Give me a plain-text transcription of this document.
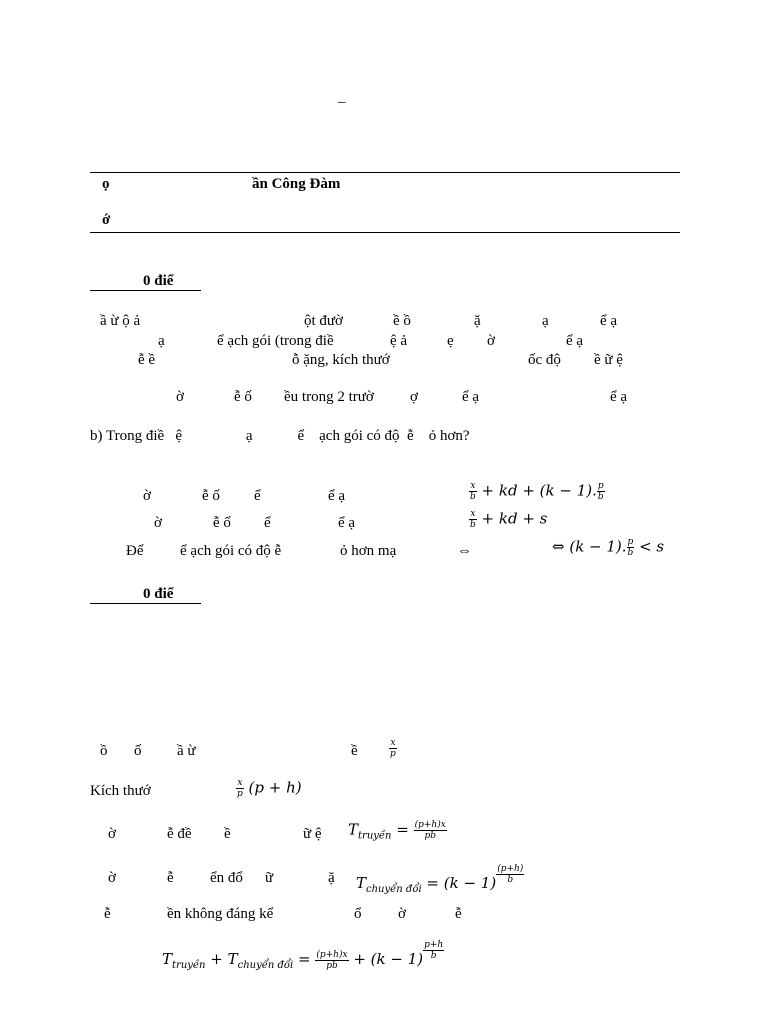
–
ọ	ần Công Đàm
ớ
0 điể
ầ ừ ộ ả	ột đườ	ề ồ	ặ	ạ	ể ạ
ạ	ể ạch gói (trong điề	ệ ả	ẹ ờ	ể ạ
ễ ề	ỗ ặng, kích thướ	ốc độ ề ữ ệ
ờ	ễ ố ều trong 2 trườ ợ	ể ạ	ể ạ
b) Trong điề   ệ                 ạ            ể    ạch gói có độ  ễ    ỏ hơn?
ờ	ễ ố ể	ể ạ	$\frac{x}{b}$ + kd + (k − 1). $\frac{p}{b}$
ờ	ễ ố ể	ể ạ	$\frac{x}{b}$ + kd + s
Để ể ạch gói có độ ễ	ỏ hơn mạ	⇔	⇔ (k − 1). $\frac{p}{b} < s$
0 điể
ồ ố ầ ừ	ề	$\frac{x}{p}$
Kích thướ	$\frac{x}{p} (p + h)$
ờ	ễ đề ề	ữ ệ $T_{truyền} = \frac{(p+h)x}{pb}$
ờ	ễ ển đổ ữ	ặ $T_{chuyển đổi} = (k - 1)$ $^{\frac{(p+h)}{b}}$
ễ	ền không đáng kể	ổ ờ	ễ
$T_{truyền} + T_{chuyển đổi} = \frac{(p+h)x}{pb} + (k - 1)$ $^{\frac{p+h}{b}}$
